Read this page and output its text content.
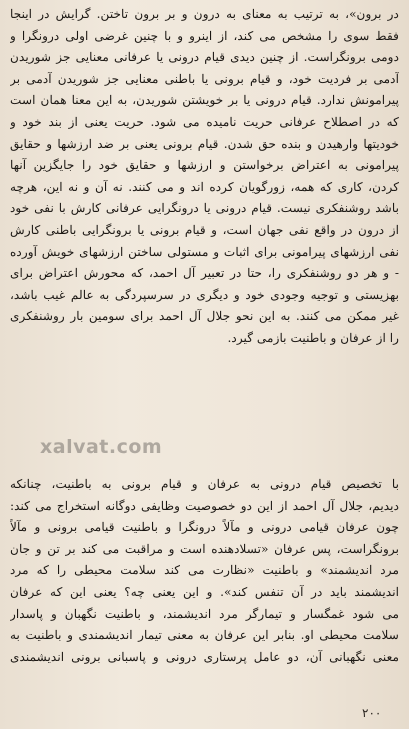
در برون»، به ترتیب به معنای به درون و بر برون تاختن. گرایش در اینجا
فقط سوی را مشخص می کند، از اینرو و با چنین غرضی اولی درونگرا و
دومی برونگراست. از چنین دیدی قیام درونی یا عرفانی معنایی جز شوریدن
آدمی بر فردیت خود، و قیام برونی یا باطنی معنایی جز شوریدن آدمی بر
پیرامونش ندارد. قیام درونی یا بر خویشتن شوریدن، به این معنا همان است
که در اصطلاح عرفانی حریت نامیده می شود. حریت یعنی از بند خود و
خودیتها وارهیدن و بنده حق شدن. قیام برونی یعنی بر ضد ارزشها و حقایق
پیرامونی به اعتراض برخواستن و ارزشها و حقایق خود را جایگزین آنها
کردن، کاری که همه، زورگویان کرده اند و می کنند. نه آن و نه این، هرچه
باشد روشنفکری نیست. قیام درونی یا درونگرایی عرفانی کارش با نفی خود
از درون در واقع نفی جهان است، و قیام برونی یا برونگرایی باطنی کارش
نفی ارزشهای پیرامونی برای اثبات و مستولی ساختن ارزشهای خویش آورده
- و هر دو روشنفکری را، حتا در تعبیر آل احمد، که محورش اعتراض برای
بهزیستی و توجیه وجودی خود و دیگری در سرسپردگی به عالم غیب باشد،
غیر ممکن می کنند. به این نحو جلال آل احمد برای سومین بار روشنفکری
را از عرفان و باطنیت بازمی گیرد.
xalvat.com
با تخصیص قیام درونی به عرفان و قیام برونی به باطنیت، چنانکه
دیدیم، جلال آل احمد از این دو خصوصیت وظایفی دوگانه استخراج می کند:
چون عرفان قیامی درونی و مآلاً درونگرا و باطنیت قیامی برونی و مآلاً
برونگراست، پس عرفان «تسلادهنده است و مراقبت می کند بر تن و جان
مرد اندیشمند» و باطنیت «نظارت می کند سلامت محیطی را که مرد
اندیشمند باید در آن تنفس کند». و این یعنی چه؟ یعنی این که عرفان
می شود غمگسار و تیمارگر مرد اندیشمند، و باطنیت نگهبان و پاسدار
سلامت محیطی او. بنابر این عرفان به معنی تیمار اندیشمندی و باطنیت به
معنی نگهبانی آن، دو عامل پرستاری درونی و پاسبانی برونی اندیشمندی
۲۰۰
